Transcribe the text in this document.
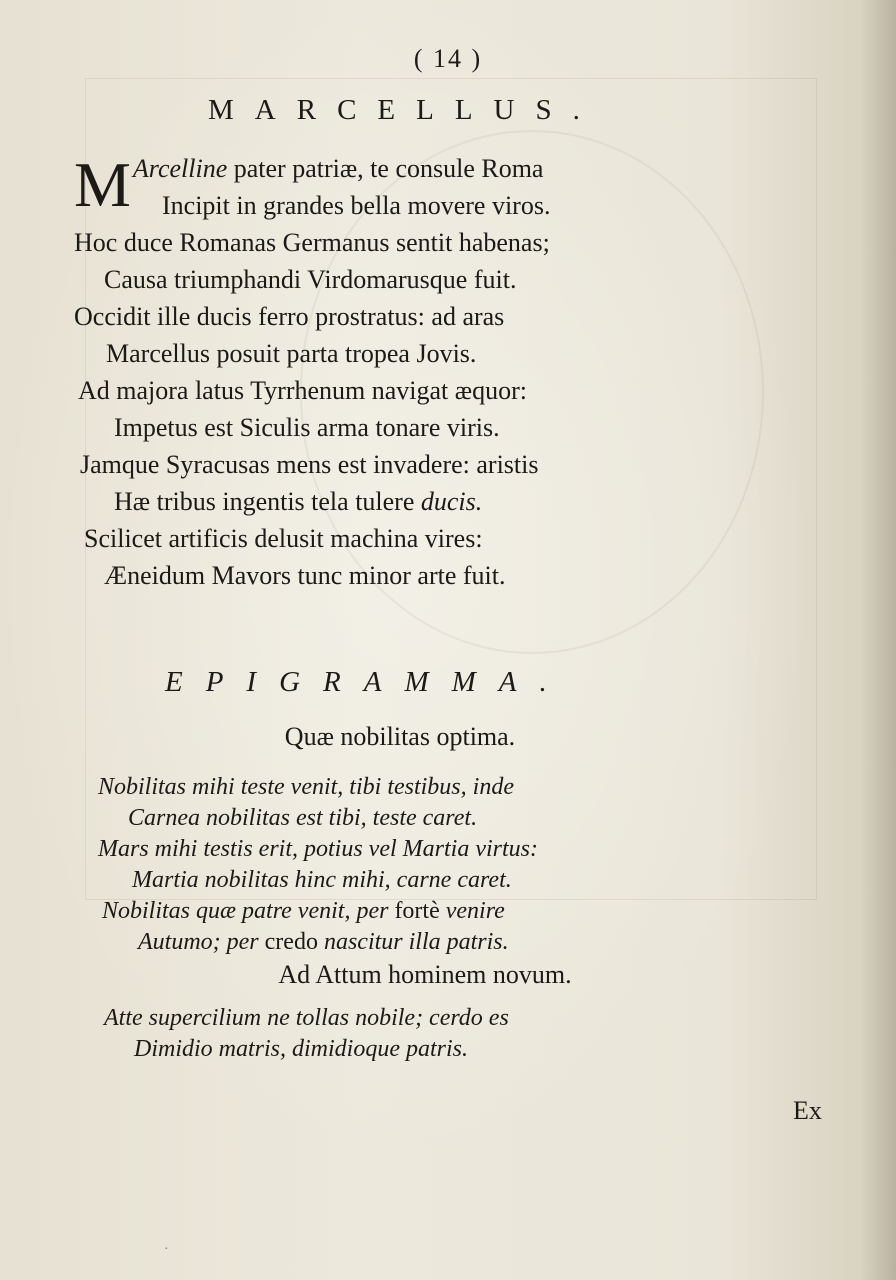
( 14 )
MARCELLUS.
M Arcelline pater patriæ, te consule Roma
Incipit in grandes bella movere viros.
Hoc duce Romanas Germanus sentit habenas;
Causa triumphandi Virdomarusque fuit.
Occidit ille ducis ferro prostratus: ad aras
Marcellus posuit parta tropea Jovis.
Ad majora latus Tyrrhenum navigat æquor:
Impetus est Siculis arma tonare viris.
Jamque Syracusas mens est invadere: aristis
Hæ tribus ingentis tela tulere ducis.
Scilicet artificis delusit machina vires:
Æneidum Mavors tunc minor arte fuit.
EPIGRAMMA.
Quæ nobilitas optima.
Nobilitas mihi teste venit, tibi testibus, inde
Carnea nobilitas est tibi, teste caret.
Mars mihi testis erit, potius vel Martia virtus:
Martia nobilitas hinc mihi, carne caret.
Nobilitas quæ patre venit, per fortè venire
Autumo; per credo nascitur illa patris.
Ad Attum hominem novum.
Atte supercilium ne tollas nobile; cerdo es
Dimidio matris, dimidioque patris.
Ex
·
